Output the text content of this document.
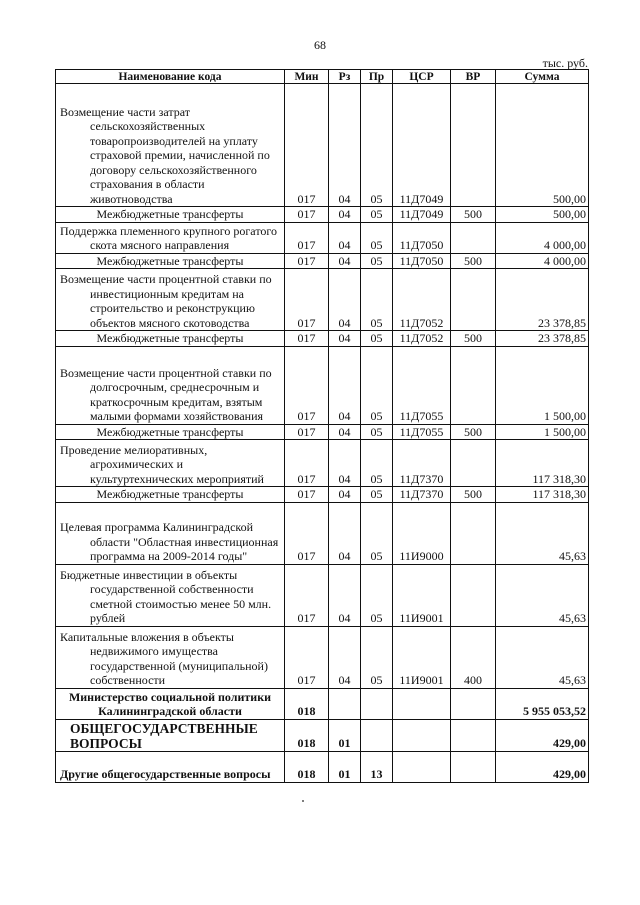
68
тыс. руб.
Наименование кода	Мин	Рз	Пр	ЦСР	ВР	Сумма
Возмещение части затрат сельскохозяйственных товаропроизводителей на уплату страховой премии, начисленной по договору сельскохозяйственного страхования в области животноводства	017	04	05	11Д7049		500,00
Межбюджетные трансферты	017	04	05	11Д7049	500	500,00
Поддержка племенного крупного рогатого скота мясного направления	017	04	05	11Д7050		4 000,00
Межбюджетные трансферты	017	04	05	11Д7050	500	4 000,00
Возмещение части процентной ставки по инвестиционным кредитам на строительство и реконструкцию объектов мясного скотоводства	017	04	05	11Д7052		23 378,85
Межбюджетные трансферты	017	04	05	11Д7052	500	23 378,85
Возмещение части процентной ставки по долгосрочным, среднесрочным и краткосрочным кредитам, взятым малыми формами хозяйствования	017	04	05	11Д7055		1 500,00
Межбюджетные трансферты	017	04	05	11Д7055	500	1 500,00
Проведение мелиоративных, агрохимических и культуртехнических мероприятий	017	04	05	11Д7370		117 318,30
Межбюджетные трансферты	017	04	05	11Д7370	500	117 318,30
Целевая программа Калининградской области "Областная инвестиционная программа на 2009-2014 годы"	017	04	05	11И9000		45,63
Бюджетные инвестиции в объекты государственной собственности сметной стоимостью менее 50 млн. рублей	017	04	05	11И9001		45,63
Капитальные вложения в объекты недвижимого имущества государственной (муниципальной) собственности	017	04	05	11И9001	400	45,63
Министерство социальной политики Калининградской области	018					5 955 053,52
ОБЩЕГОСУДАРСТВЕННЫЕ ВОПРОСЫ	018	01				429,00
Другие общегосударственные вопросы	018	01	13			429,00
